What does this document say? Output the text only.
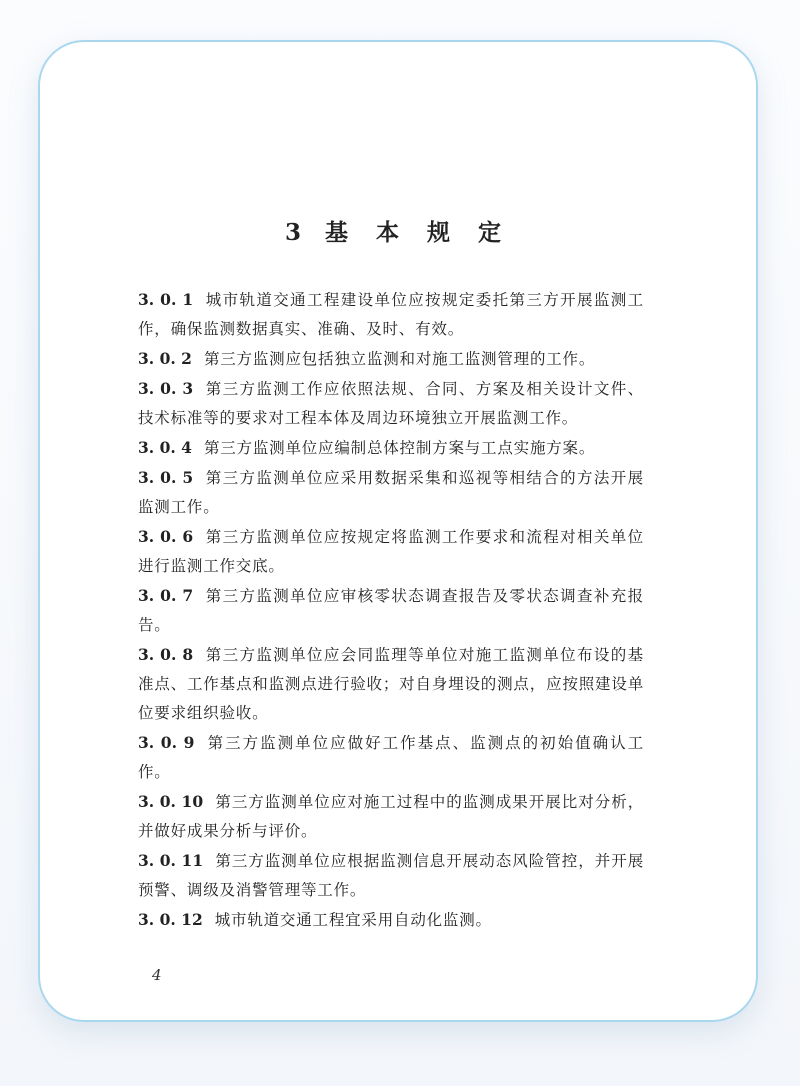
3 基 本 规 定

3. 0. 1 城市轨道交通工程建设单位应按规定委托第三方开展监测工作，确保监测数据真实、准确、及时、有效。

3. 0. 2 第三方监测应包括独立监测和对施工监测管理的工作。

3. 0. 3 第三方监测工作应依照法规、合同、方案及相关设计文件、技术标准等的要求对工程本体及周边环境独立开展监测工作。

3. 0. 4 第三方监测单位应编制总体控制方案与工点实施方案。

3. 0. 5 第三方监测单位应采用数据采集和巡视等相结合的方法开展监测工作。

3. 0. 6 第三方监测单位应按规定将监测工作要求和流程对相关单位进行监测工作交底。

3. 0. 7 第三方监测单位应审核零状态调查报告及零状态调查补充报告。

3. 0. 8 第三方监测单位应会同监理等单位对施工监测单位布设的基准点、工作基点和监测点进行验收；对自身埋设的测点，应按照建设单位要求组织验收。

3. 0. 9 第三方监测单位应做好工作基点、监测点的初始值确认工作。

3. 0. 10 第三方监测单位应对施工过程中的监测成果开展比对分析，并做好成果分析与评价。

3. 0. 11 第三方监测单位应根据监测信息开展动态风险管控，并开展预警、调级及消警管理等工作。

3. 0. 12 城市轨道交通工程宜采用自动化监测。

4
